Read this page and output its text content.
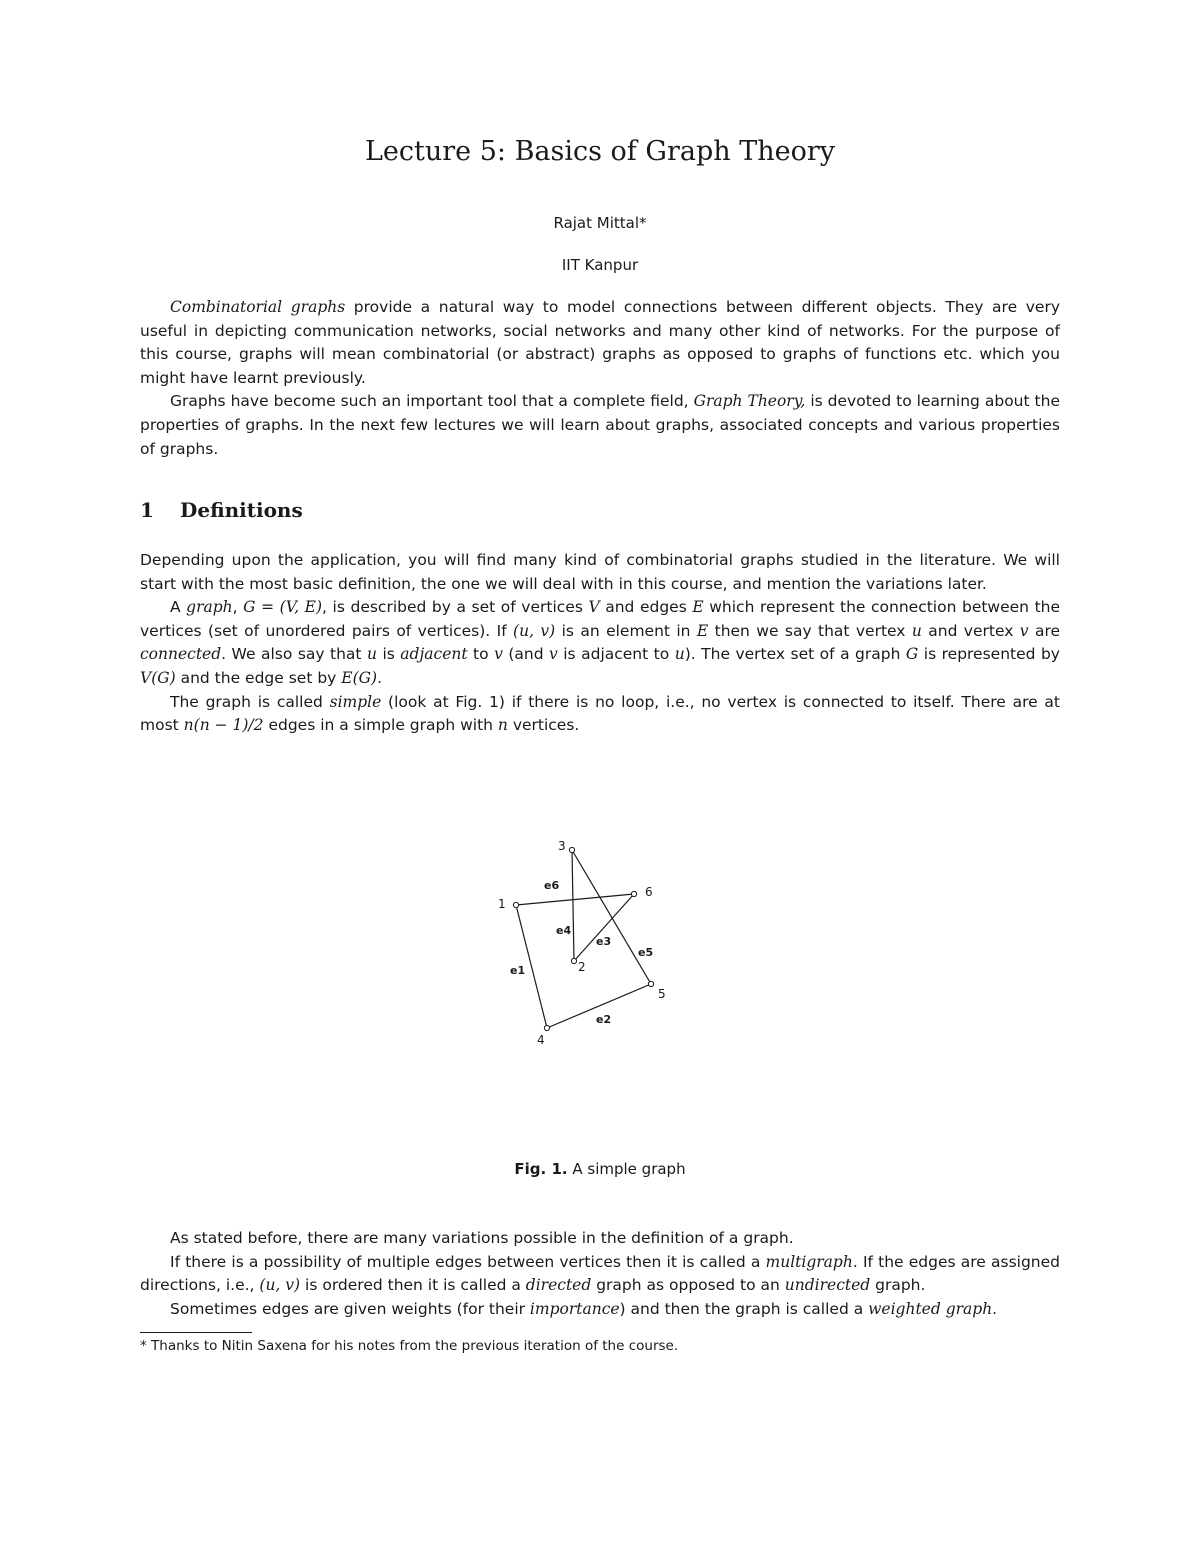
Lecture 5: Basics of Graph Theory
Rajat Mittal*
IIT Kanpur

Combinatorial graphs provide a natural way to model connections between different objects. They are very useful in depicting communication networks, social networks and many other kind of networks. For the purpose of this course, graphs will mean combinatorial (or abstract) graphs as opposed to graphs of functions etc. which you might have learnt previously.

Graphs have become such an important tool that a complete field, Graph Theory, is devoted to learning about the properties of graphs. In the next few lectures we will learn about graphs, associated concepts and various properties of graphs.

1 Definitions

Depending upon the application, you will find many kind of combinatorial graphs studied in the literature. We will start with the most basic definition, the one we will deal with in this course, and mention the variations later.

A graph, G = (V, E), is described by a set of vertices V and edges E which represent the connection between the vertices (set of unordered pairs of vertices). If (u, v) is an element in E then we say that vertex u and vertex v are connected. We also say that u is adjacent to v (and v is adjacent to u). The vertex set of a graph G is represented by V(G) and the edge set by E(G).

The graph is called simple (look at Fig. 1) if there is no loop, i.e., no vertex is connected to itself. There are at most n(n − 1)/2 edges in a simple graph with n vertices.

1
2
3
4
5
6
e1
e2
e3
e4
e5
e6
Fig. 1. A simple graph

As stated before, there are many variations possible in the definition of a graph.

If there is a possibility of multiple edges between vertices then it is called a multigraph. If the edges are assigned directions, i.e., (u, v) is ordered then it is called a directed graph as opposed to an undirected graph.

Sometimes edges are given weights (for their importance) and then the graph is called a weighted graph.

* Thanks to Nitin Saxena for his notes from the previous iteration of the course.
